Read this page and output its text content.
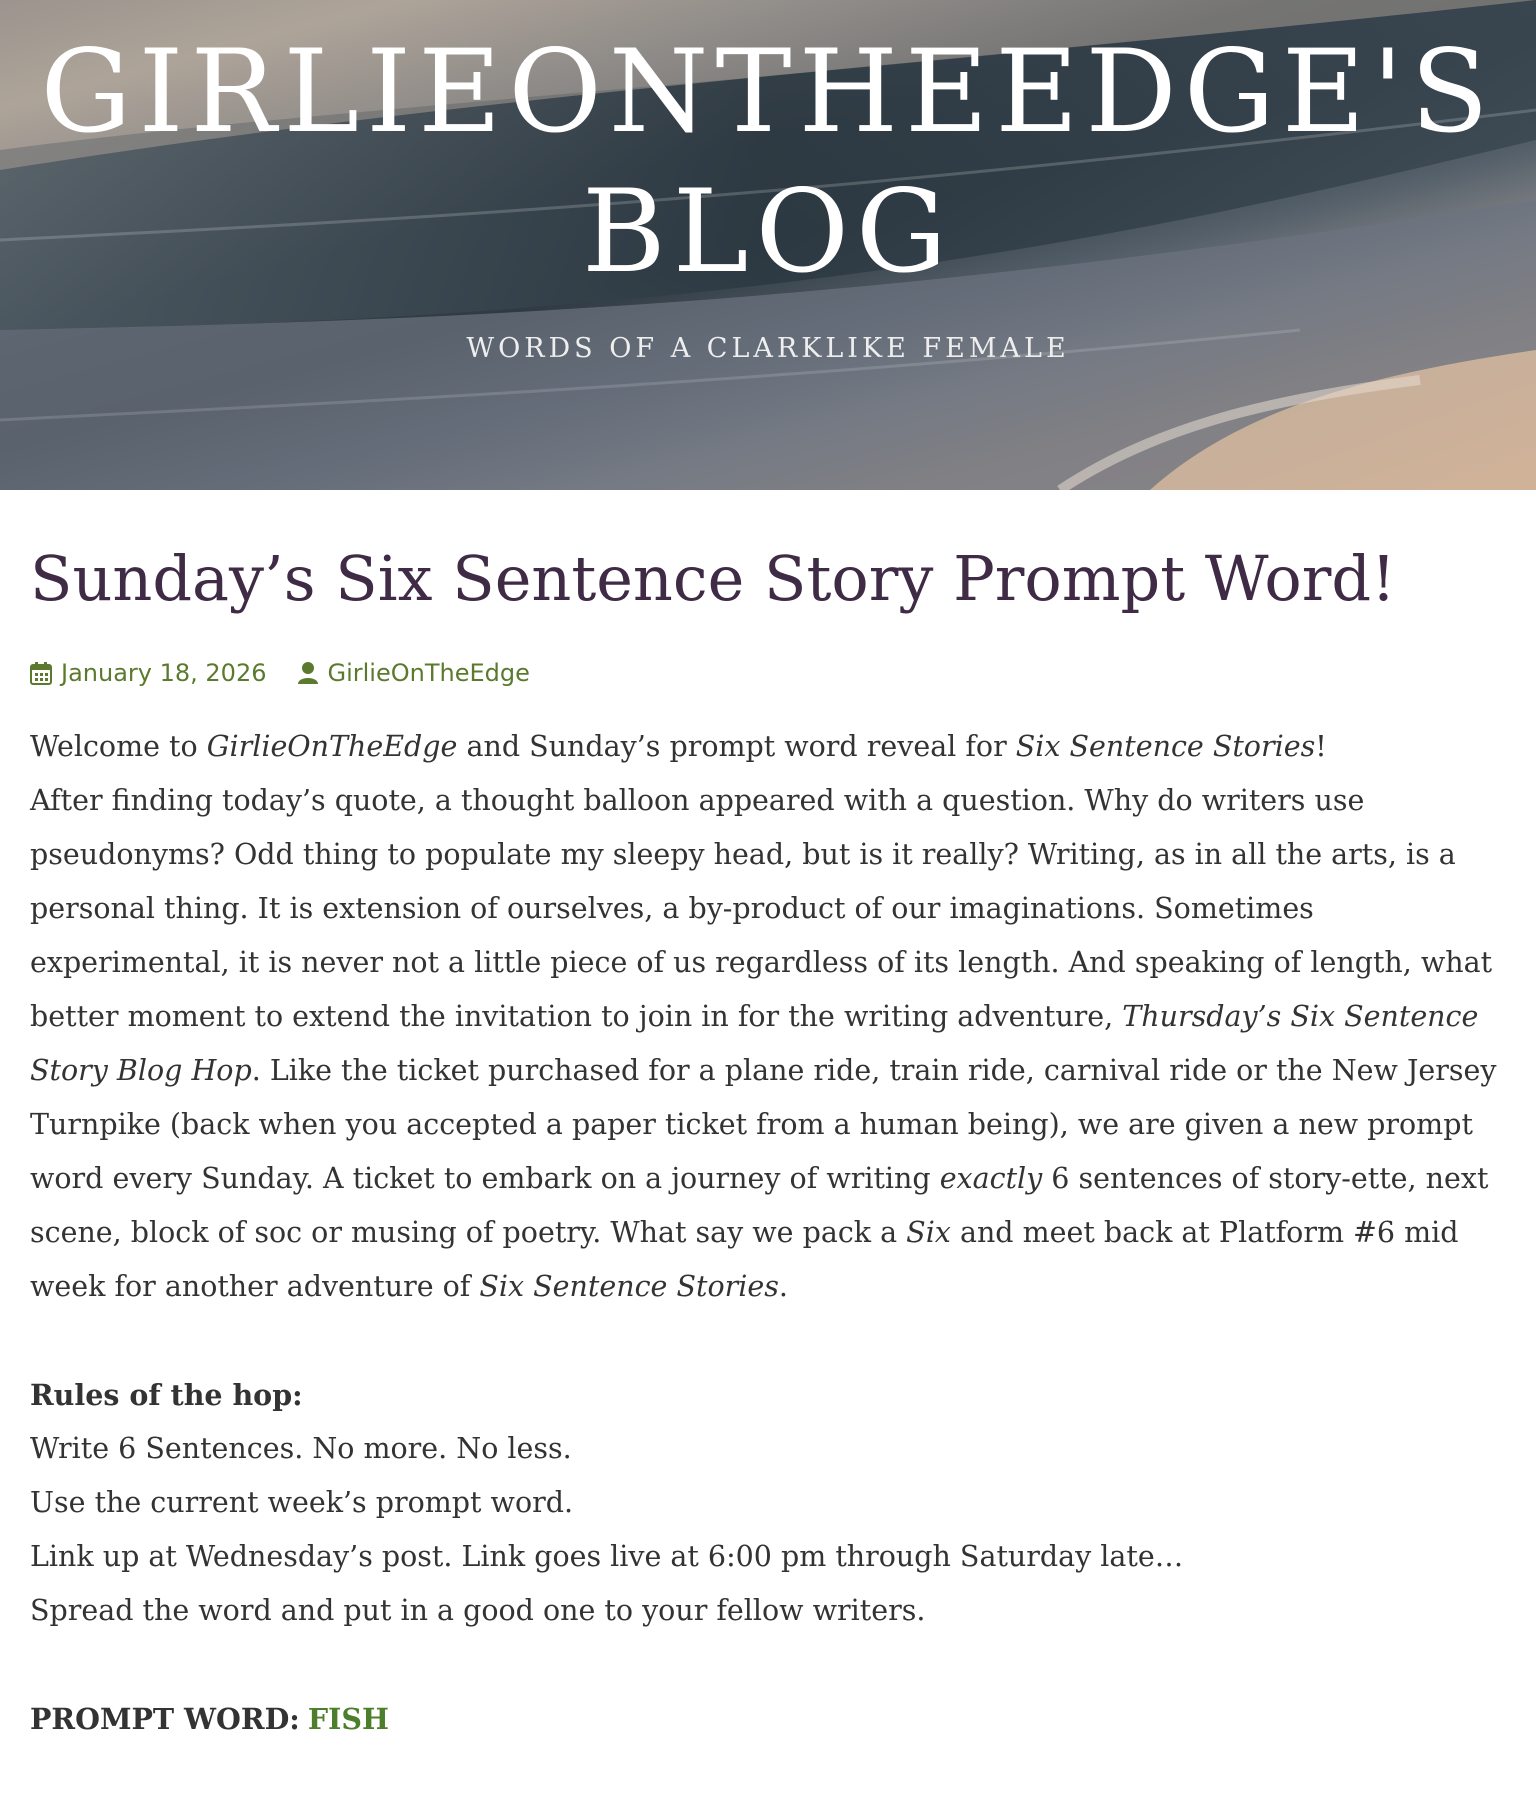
GIRLIEONTHEEDGE'S BLOG
WORDS OF A CLARKLIKE FEMALE
Sunday’s Six Sentence Story Prompt Word!
January 18, 2026	GirlieOnTheEdge

Welcome to GirlieOnTheEdge and Sunday’s prompt word reveal for Six Sentence Stories!

After finding today’s quote, a thought balloon appeared with a question. Why do writers use pseudonyms? Odd thing to populate my sleepy head, but is it really? Writing, as in all the arts, is a personal thing. It is extension of ourselves, a by-product of our imaginations. Sometimes experimental, it is never not a little piece of us regardless of its length. And speaking of length, what better moment to extend the invitation to join in for the writing adventure, Thursday’s Six Sentence Story Blog Hop. Like the ticket purchased for a plane ride, train ride, carnival ride or the New Jersey Turnpike (back when you accepted a paper ticket from a human being), we are given a new prompt word every Sunday. A ticket to embark on a journey of writing exactly 6 sentences of story-ette, next scene, block of soc or musing of poetry. What say we pack a Six and meet back at Platform #6 mid week for another adventure of Six Sentence Stories.

Rules of the hop:

Write 6 Sentences. No more. No less.

Use the current week’s prompt word.

Link up at Wednesday’s post. Link goes live at 6:00 pm through Saturday late…

Spread the word and put in a good one to your fellow writers.

PROMPT WORD: FISH
